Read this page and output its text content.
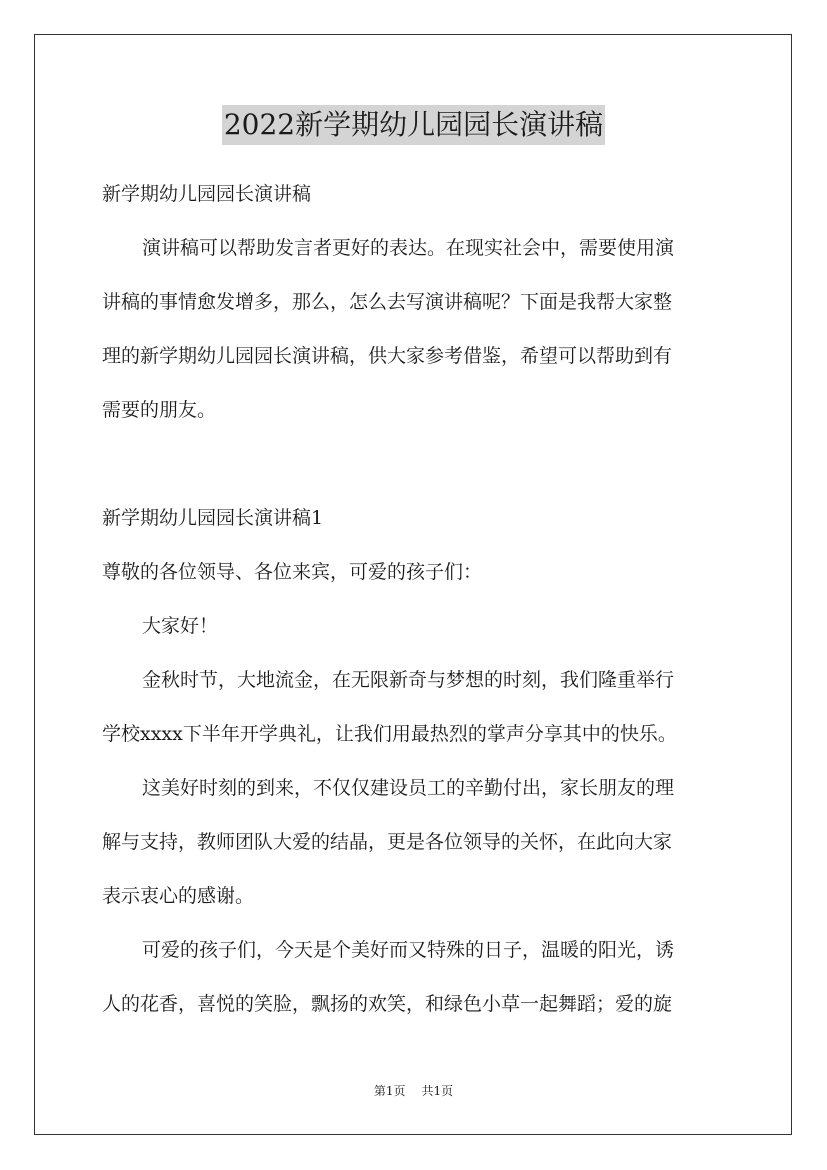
2022新学期幼儿园园长演讲稿

新学期幼儿园园长演讲稿

演讲稿可以帮助发言者更好的表达。在现实社会中，需要使用演

讲稿的事情愈发增多，那么，怎么去写演讲稿呢？下面是我帮大家整

理的新学期幼儿园园长演讲稿，供大家参考借鉴，希望可以帮助到有

需要的朋友。

新学期幼儿园园长演讲稿1

尊敬的各位领导、各位来宾，可爱的孩子们：

大家好！

金秋时节，大地流金，在无限新奇与梦想的时刻，我们隆重举行

学校xxxx下半年开学典礼，让我们用最热烈的掌声分享其中的快乐。

这美好时刻的到来，不仅仅建设员工的辛勤付出，家长朋友的理

解与支持，教师团队大爱的结晶，更是各位领导的关怀，在此向大家

表示衷心的感谢。

可爱的孩子们，今天是个美好而又特殊的日子，温暖的阳光，诱

人的花香，喜悦的笑脸，飘扬的欢笑，和绿色小草一起舞蹈；爱的旋

第1页 共1页
